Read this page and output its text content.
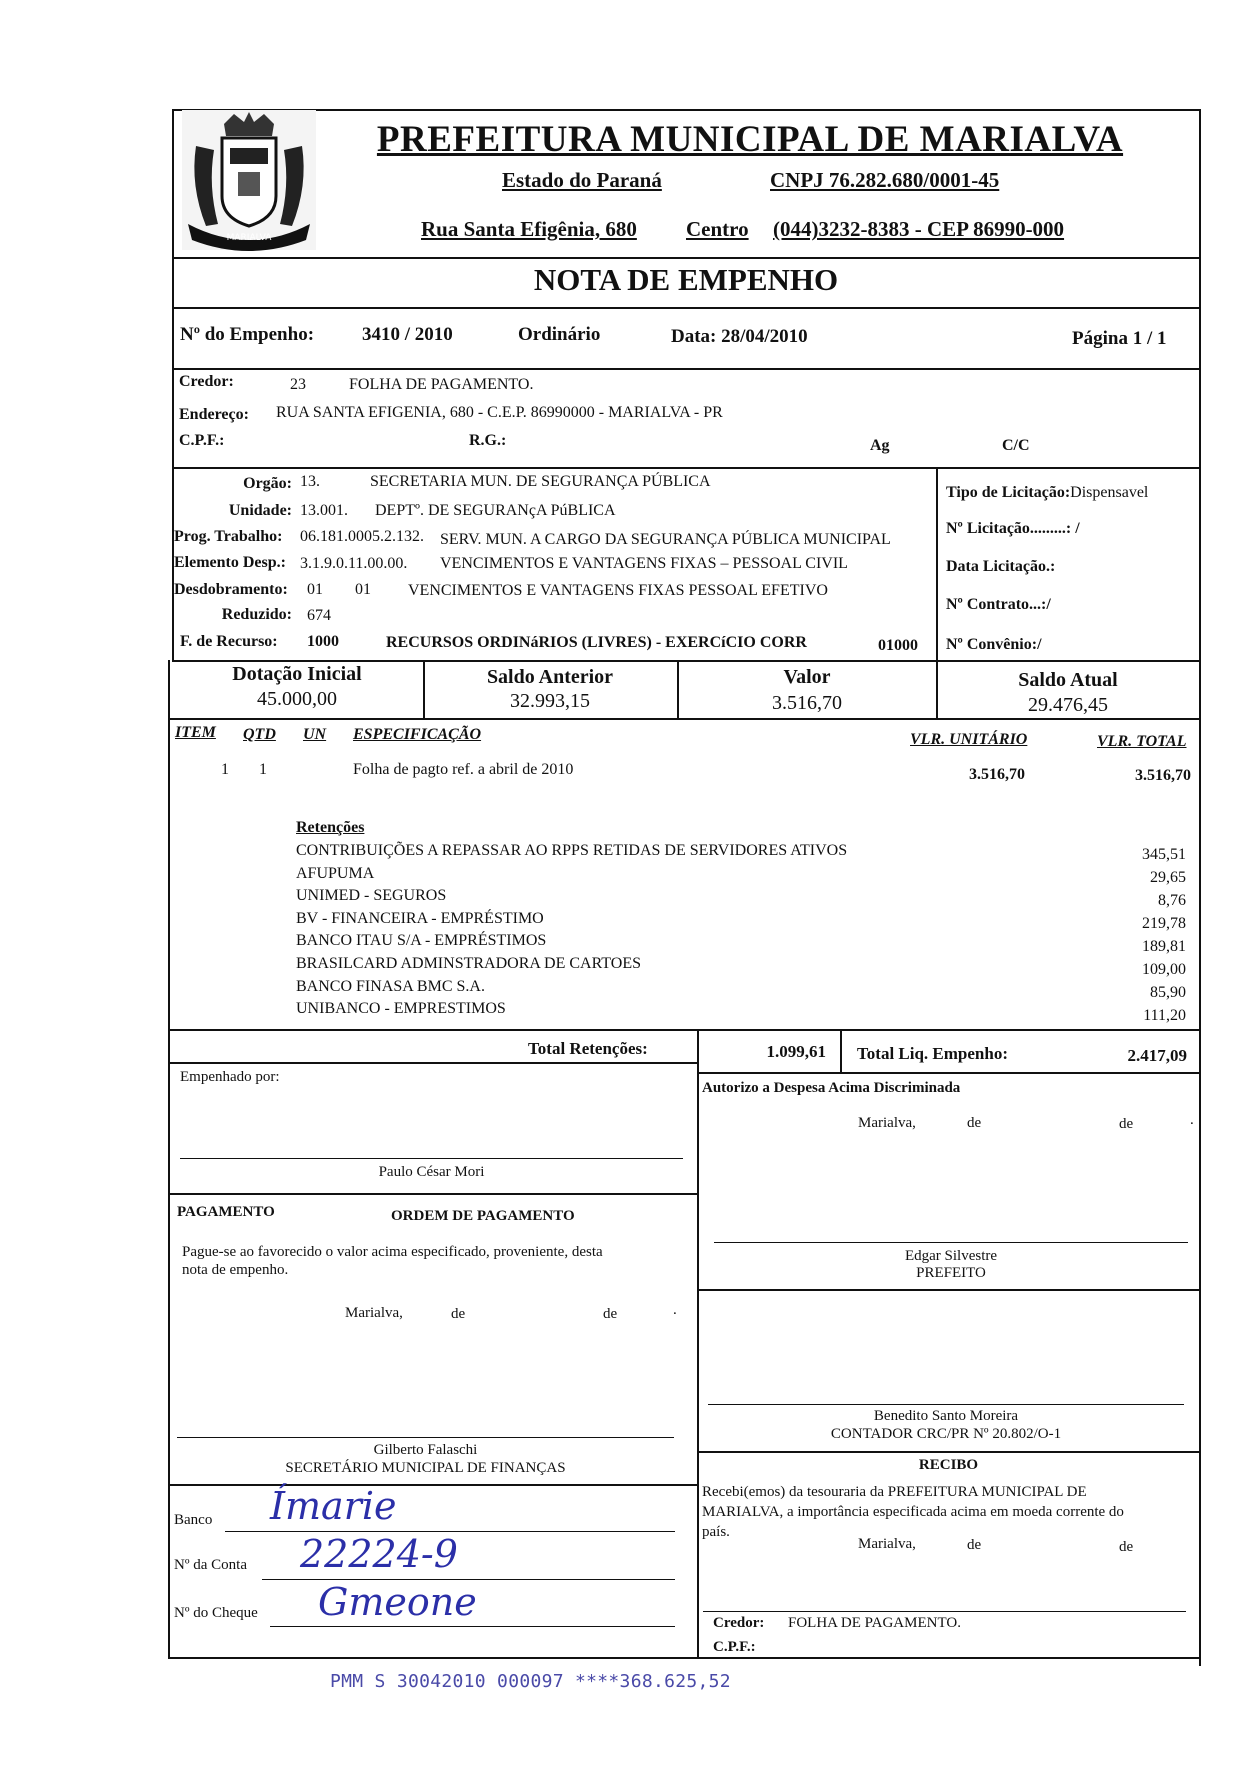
MARIALVA
PREFEITURA MUNICIPAL DE MARIALVA
Estado do Paraná	CNPJ 76.282.680/0001-45
Rua Santa Efigênia, 680 Centro (044)3232-8383 - CEP 86990-000
NOTA DE EMPENHO
Nº do Empenho:	3410 / 2010	Ordinário	Data: 28/04/2010	Página 1 / 1
Credor:	23	FOLHA DE PAGAMENTO.
Endereço: RUA SANTA EFIGENIA, 680 - C.E.P. 86990000 - MARIALVA - PR
C.P.F.:	R.G.:	Ag	C/C
Orgão: 13.	SECRETARIA MUN. DE SEGURANÇA PÚBLICA
Unidade: 13.001. DEPTº. DE SEGURANçA PúBLICA
Prog. Trabalho: 06.181.0005.2.132. SERV. MUN. A CARGO DA SEGURANÇA PÚBLICA MUNICIPAL
Elemento Desp.: 3.1.9.0.11.00.00. VENCIMENTOS E VANTAGENS FIXAS – PESSOAL CIVIL
Desdobramento: 01 01 VENCIMENTOS E VANTAGENS FIXAS PESSOAL EFETIVO
Reduzido: 674
F. de Recurso: 1000	RECURSOS ORDINáRIOS (LIVRES) - EXERCíCIO CORR	01000
Tipo de Licitação:Dispensavel
Nº Licitação.........: /
Data Licitação.:
Nº Contrato...:/
Nº Convênio:/
Dotação Inicial
45.000,00
Saldo Anterior
32.993,15
Valor
3.516,70
Saldo Atual
29.476,45
ITEM QTD UN ESPECIFICAÇÃO	VLR. UNITÁRIO	VLR. TOTAL
1 1	Folha de pagto ref. a abril de 2010	3.516,70	3.516,70
Retenções
CONTRIBUIÇÕES A REPASSAR AO RPPS RETIDAS DE SERVIDORES ATIVOS	345,51
AFUPUMA	29,65
UNIMED - SEGUROS	8,76
BV - FINANCEIRA - EMPRÉSTIMO	219,78
BANCO ITAU S/A - EMPRÉSTIMOS	189,81
BRASILCARD ADMINSTRADORA DE CARTOES	109,00
BANCO FINASA BMC S.A.	85,90
UNIBANCO - EMPRESTIMOS	111,20
Total Retenções:	1.099,61 Total Liq. Empenho:	2.417,09
Empenhado por:
Paulo César Mori
Autorizo a Despesa Acima Discriminada
Marialva,	de	de	.
PAGAMENTO	ORDEM DE PAGAMENTO
Pague-se ao favorecido o valor acima especificado, proveniente, desta
nota de empenho.
Marialva,	de	de	.
Gilberto Falaschi
SECRETÁRIO MUNICIPAL DE FINANÇAS
Edgar Silvestre
PREFEITO
Benedito Santo Moreira
CONTADOR CRC/PR Nº 20.802/O-1
RECIBO
Recebi(emos) da tesouraria da PREFEITURA MUNICIPAL DE
MARIALVA, a importância especificada acima em moeda corrente do
país.
Marialva,	de	de
Credor: FOLHA DE PAGAMENTO.
C.P.F.:
Banco Ímarie
Nº da Conta 22224-9
Nº do Cheque Gmeone
PMM S 30042010 000097 ****368.625,52
